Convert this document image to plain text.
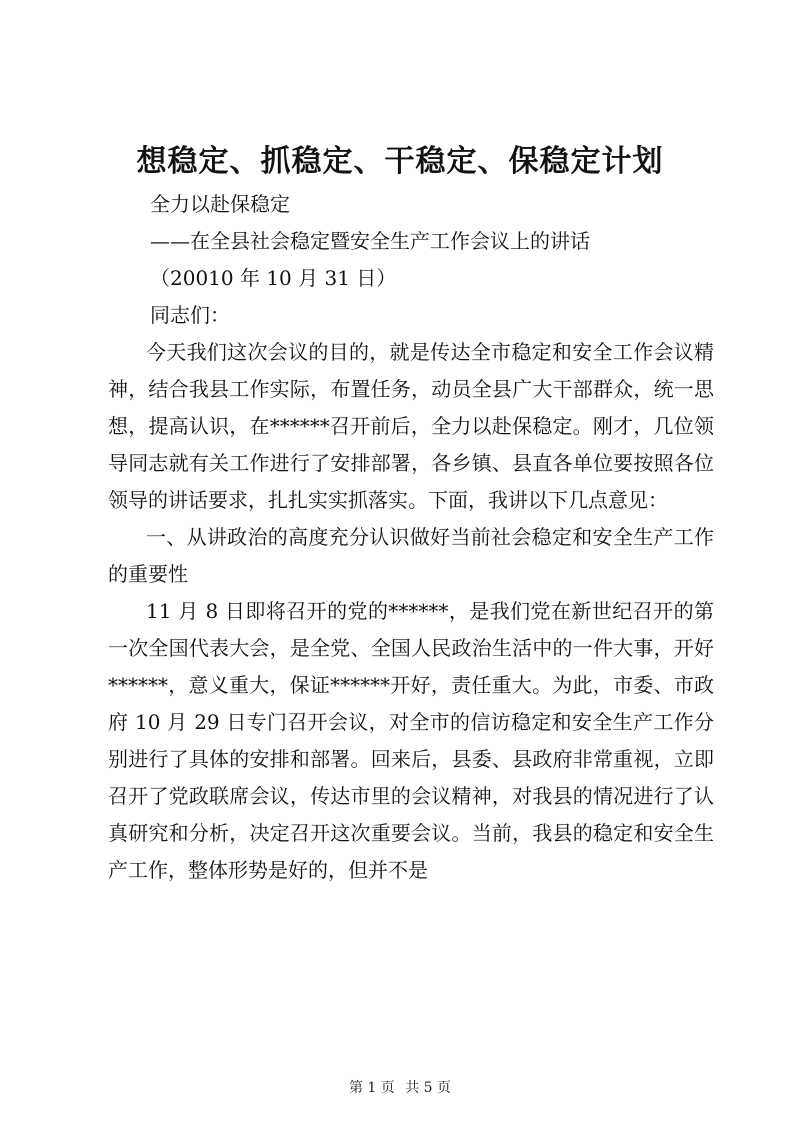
想稳定、抓稳定、干稳定、保稳定计划
全力以赴保稳定
——在全县社会稳定暨安全生产工作会议上的讲话
（20010 年 10 月 31 日）
同志们：

今天我们这次会议的目的，就是传达全市稳定和安全工作会议精神，结合我县工作实际，布置任务，动员全县广大干部群众，统一思想，提高认识，在******召开前后，全力以赴保稳定。刚才，几位领导同志就有关工作进行了安排部署，各乡镇、县直各单位要按照各位领导的讲话要求，扎扎实实抓落实。下面，我讲以下几点意见：

一、从讲政治的高度充分认识做好当前社会稳定和安全生产工作的重要性

11 月 8 日即将召开的党的******，是我们党在新世纪召开的第一次全国代表大会，是全党、全国人民政治生活中的一件大事，开好******，意义重大，保证******开好，责任重大。为此，市委、市政府 10 月 29 日专门召开会议，对全市的信访稳定和安全生产工作分别进行了具体的安排和部署。回来后，县委、县政府非常重视，立即召开了党政联席会议，传达市里的会议精神，对我县的情况进行了认真研究和分析，决定召开这次重要会议。当前，我县的稳定和安全生产工作，整体形势是好的，但并不是

第 1 页 共 5 页
